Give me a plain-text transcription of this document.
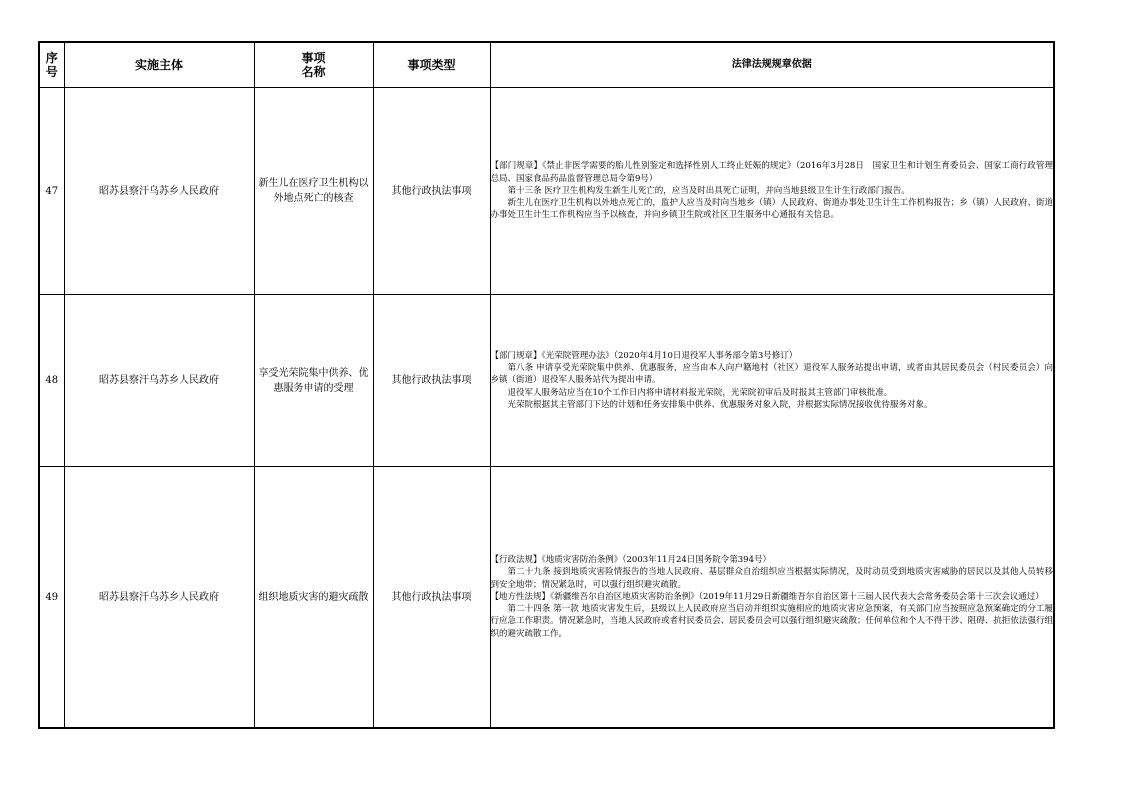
序号	实施主体	事项名称	事项类型	法律法规规章依据
47	昭苏县察汗乌苏乡人民政府	新生儿在医疗卫生机构以外地点死亡的核查	其他行政执法事项	【部门规章】《禁止非医学需要的胎儿性别鉴定和选择性别人工终止妊娠的规定》（2016年3月28日　国家卫生和计划生育委员会、国家工商行政管理总局、国家食品药品监督管理总局令第9号）

第十三条 医疗卫生机构发生新生儿死亡的，应当及时出具死亡证明，并向当地县级卫生计生行政部门报告。

新生儿在医疗卫生机构以外地点死亡的，监护人应当及时向当地乡（镇）人民政府、街道办事处卫生计生工作机构报告；乡（镇）人民政府、街道办事处卫生计生工作机构应当予以核查，并向乡镇卫生院或社区卫生服务中心通报有关信息。

48	昭苏县察汗乌苏乡人民政府	享受光荣院集中供养、优惠服务申请的受理	其他行政执法事项	【部门规章】《光荣院管理办法》（2020年4月10日退役军人事务部令第3号修订）

第八条 申请享受光荣院集中供养、优惠服务，应当由本人向户籍地村（社区）退役军人服务站提出申请，或者由其居民委员会（村民委员会）向乡镇（街道）退役军人服务站代为提出申请。

退役军人服务站应当在10个工作日内将申请材料报光荣院，光荣院初审后及时报其主管部门审核批准。

光荣院根据其主管部门下达的计划和任务安排集中供养、优惠服务对象入院，并根据实际情况接收优待服务对象。

49	昭苏县察汗乌苏乡人民政府	组织地质灾害的避灾疏散	其他行政执法事项	【行政法规】《地质灾害防治条例》（2003年11月24日国务院令第394号）

第二十九条 接到地质灾害险情报告的当地人民政府、基层群众自治组织应当根据实际情况，及时动员受到地质灾害威胁的居民以及其他人员转移到安全地带；情况紧急时，可以强行组织避灾疏散。

【地方性法规】《新疆维吾尔自治区地质灾害防治条例》（2019年11月29日新疆维吾尔自治区第十三届人民代表大会常务委员会第十三次会议通过）

第二十四条 第一款 地质灾害发生后，县级以上人民政府应当启动并组织实施相应的地质灾害应急预案，有关部门应当按照应急预案确定的分工履行应急工作职责。情况紧急时，当地人民政府或者村民委员会、居民委员会可以强行组织避灾疏散；任何单位和个人不得干涉、阻碍、抗拒依法强行组织的避灾疏散工作。
